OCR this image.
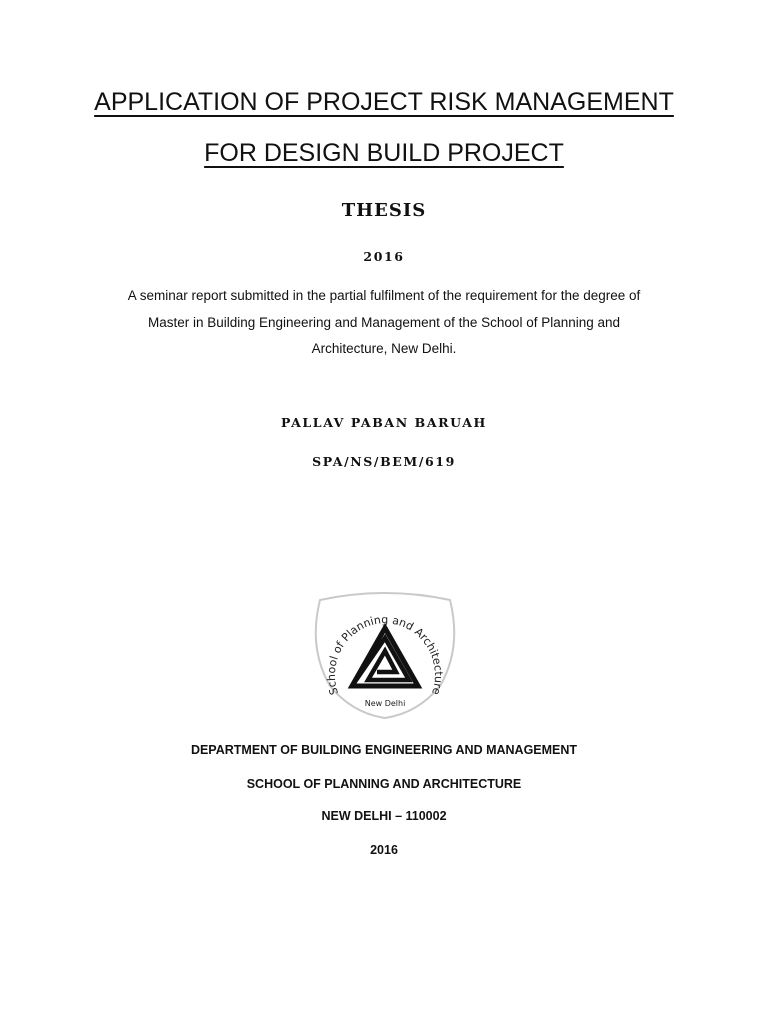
APPLICATION OF PROJECT RISK MANAGEMENT
FOR DESIGN BUILD PROJECT
THESIS
2016
A seminar report submitted in the partial fulfilment of the requirement for the degree of
Master in Building Engineering and Management of the School of Planning and
Architecture, New Delhi.
PALLAV PABAN BARUAH
SPA/NS/BEM/619
School of Planning and Architecture
New Delhi
DEPARTMENT OF BUILDING ENGINEERING AND MANAGEMENT
SCHOOL OF PLANNING AND ARCHITECTURE
NEW DELHI – 110002
2016
